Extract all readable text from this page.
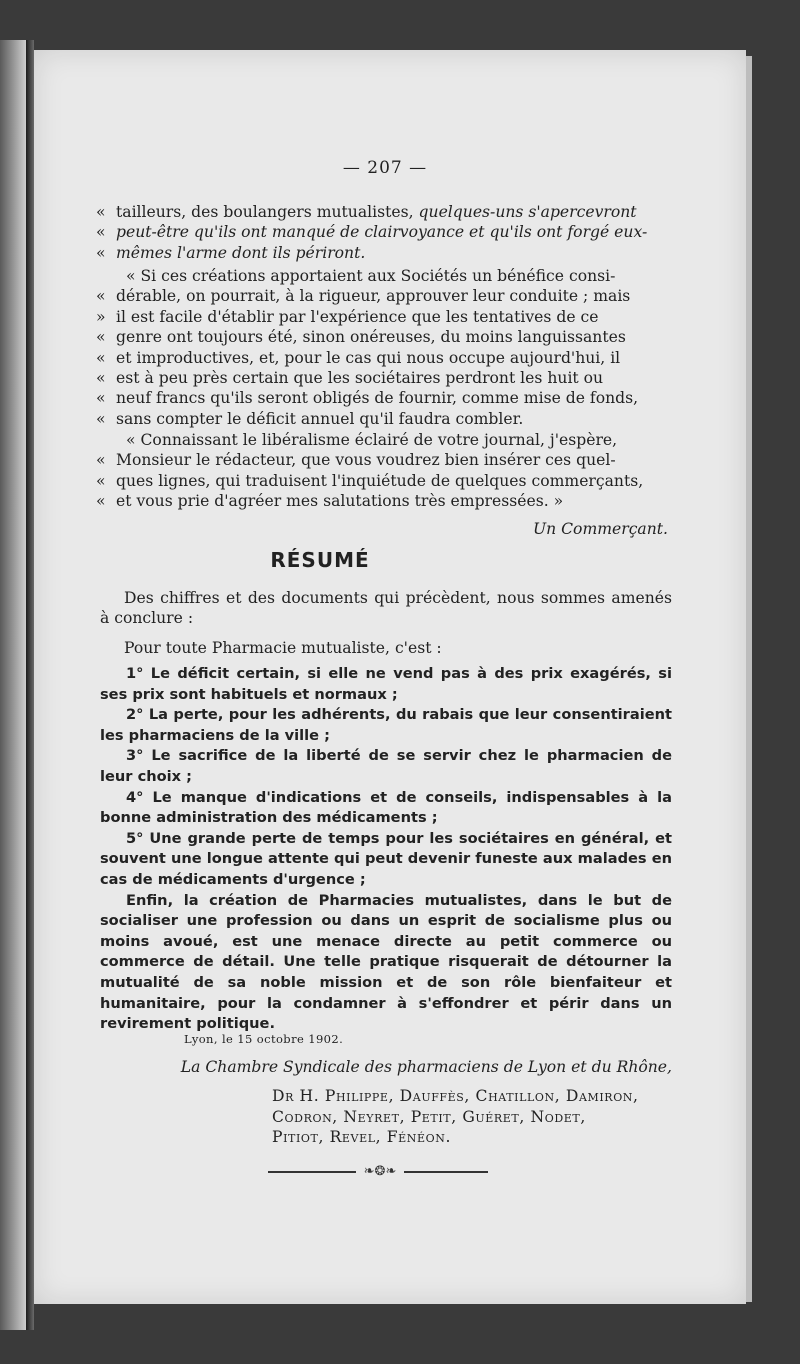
— 207 —

« tailleurs, des boulangers mutualistes, quelques-uns s'apercevront
« peut-être qu'ils ont manqué de clairvoyance et qu'ils ont forgé eux-
« mêmes l'arme dont ils périront.

« Si ces créations apportaient aux Sociétés un bénéfice consi-
« dérable, on pourrait, à la rigueur, approuver leur conduite ; mais
» il est facile d'établir par l'expérience que les tentatives de ce
« genre ont toujours été, sinon onéreuses, du moins languissantes
« et improductives, et, pour le cas qui nous occupe aujourd'hui, il
« est à peu près certain que les sociétaires perdront les huit ou
« neuf francs qu'ils seront obligés de fournir, comme mise de fonds,
« sans compter le déficit annuel qu'il faudra combler.

« Connaissant le libéralisme éclairé de votre journal, j'espère,
« Monsieur le rédacteur, que vous voudrez bien insérer ces quel-
« ques lignes, qui traduisent l'inquiétude de quelques commerçants,
« et vous prie d'agréer mes salutations très empressées. »

Un Commerçant.
RÉSUMÉ

Des chiffres et des documents qui précèdent, nous sommes amenés à conclure :

Pour toute Pharmacie mutualiste, c'est :

1° Le déficit certain, si elle ne vend pas à des prix exagérés, si ses prix sont habituels et normaux ;

2° La perte, pour les adhérents, du rabais que leur consentiraient les pharmaciens de la ville ;

3° Le sacrifice de la liberté de se servir chez le pharmacien de leur choix ;

4° Le manque d'indications et de conseils, indispensables à la bonne administration des médicaments ;

5° Une grande perte de temps pour les sociétaires en général, et souvent une longue attente qui peut devenir funeste aux malades en cas de médicaments d'urgence ;

Enfin, la création de Pharmacies mutualistes, dans le but de socialiser une profession ou dans un esprit de socialisme plus ou moins avoué, est une menace directe au petit commerce ou commerce de détail. Une telle pratique risquerait de détourner la mutualité de sa noble mission et de son rôle bienfaiteur et humanitaire, pour la condamner à s'effondrer et périr dans un revirement politique.

Lyon, le 15 octobre 1902.
La Chambre Syndicale des pharmaciens de Lyon et du Rhône,

Dr H. Philippe, Dauffès, Chatillon, Damiron,

Codron, Neyret, Petit, Guéret, Nodet,

Pitiot, Revel, Fénéon.

❧❂❧
